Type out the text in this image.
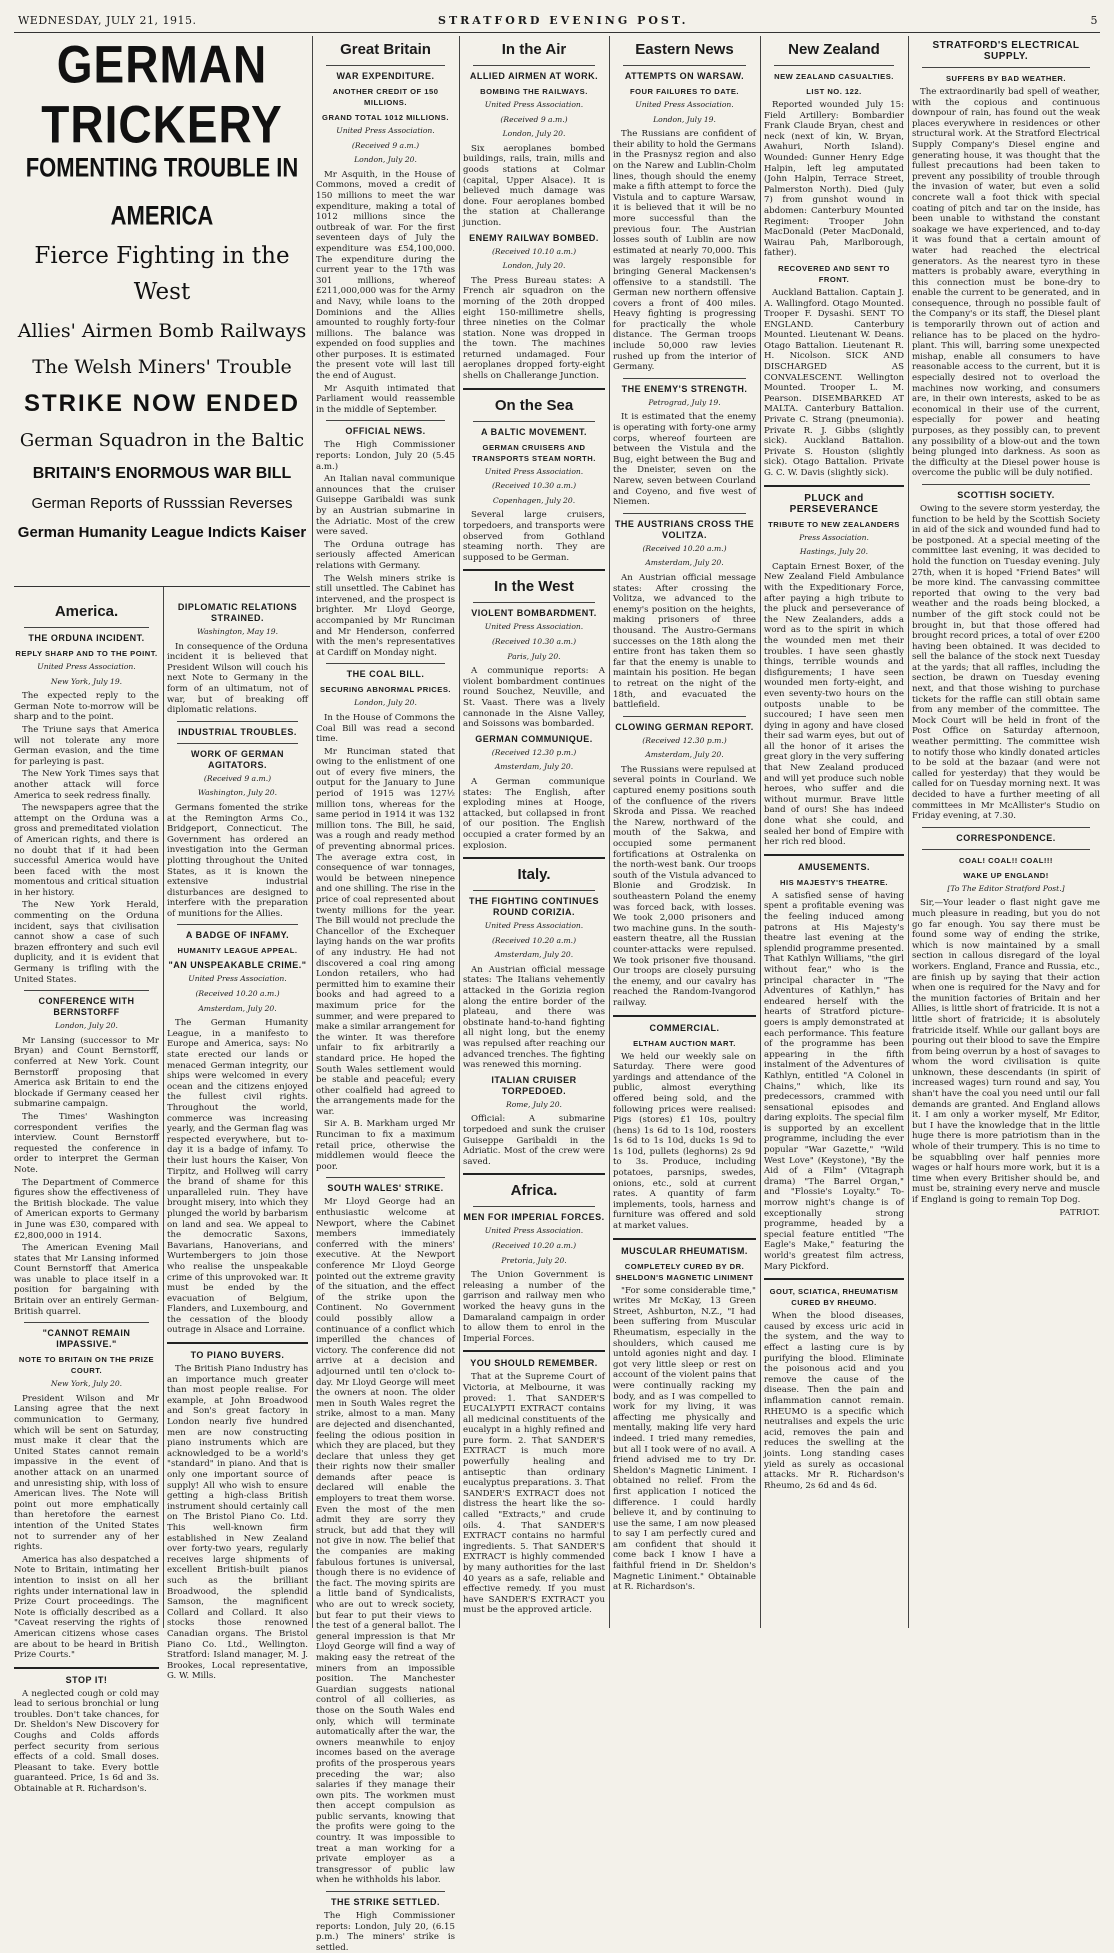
WEDNESDAY, JULY 21, 1915.	STRATFORD EVENING POST.	5
GERMAN TRICKERY
FOMENTING TROUBLE IN AMERICA
Fierce Fighting in the West
Allies' Airmen Bomb Railways
The Welsh Miners' Trouble
STRIKE NOW ENDED
German Squadron in the Baltic
BRITAIN'S ENORMOUS WAR BILL
German Reports of Russsian Reverses
German Humanity League Indicts Kaiser
America.
THE ORDUNA INCIDENT.
REPLY SHARP AND TO THE POINT.
United Press Association.
New York, July 19.

The expected reply to the German Note to-morrow will be sharp and to the point.

The Triune says that America will not tolerate any more German evasion, and the time for parleying is past.

The New York Times says that another attack will force America to seek redress finally.

The newspapers agree that the attempt on the Orduna was a gross and premeditated violation of American rights, and there is no doubt that if it had been successful America would have been faced with the most momentous and critical situation in her history.

The New York Herald, commenting on the Orduna incident, says that civilisation cannot show a case of such brazen effrontery and such evil duplicity, and it is evident that Germany is trifling with the United States.

CONFERENCE WITH BERNSTORFF
London, July 20.

Mr Lansing (successor to Mr Bryan) and Count Bernstorff, conferred at New York. Count Bernstorff proposing that America ask Britain to end the blockade if Germany ceased her submarine campaign.

The Times' Washington correspondent verifies the interview. Count Bernstorff requested the conference in order to interpret the German Note.

The Department of Commerce figures show the effectiveness of the British blockade. The value of American exports to Germany in June was £30, compared with £2,800,000 in 1914.

The American Evening Mail states that Mr Lansing informed Count Bernstorff that America was unable to place itself in a position for bargaining with Britain over an entirely German-British quarrel.

"CANNOT REMAIN IMPASSIVE."
NOTE TO BRITAIN ON THE PRIZE COURT.
New York, July 20.

President Wilson and Mr Lansing agree that the next communication to Germany, which will be sent on Saturday, must make it clear that the United States cannot remain impassive in the event of another attack on an unarmed and unresisting ship, with loss of American lives. The Note will point out more emphatically than heretofore the earnest intention of the United States not to surrender any of her rights.

America has also despatched a Note to Britain, intimating her intention to insist on all her rights under international law in Prize Court proceedings. The Note is officially described as a "Caveat reserving the rights of American citizens whose cases are about to be heard in British Prize Courts."

STOP IT!

A neglected cough or cold may lead to serious bronchial or lung troubles. Don't take chances, for Dr. Sheldon's New Discovery for Coughs and Colds affords perfect security from serious effects of a cold. Small doses. Pleasant to take. Every bottle guaranteed. Price, 1s 6d and 3s. Obtainable at R. Richardson's.

DIPLOMATIC RELATIONS STRAINED.
Washington, May 19.

In consequence of the Orduna incident it is believed that President Wilson will couch his next Note to Germany in the form of an ultimatum, not of war, but of breaking off diplomatic relations.

INDUSTRIAL TROUBLES.
WORK OF GERMAN AGITATORS.
(Received 9 a.m.)
Washington, July 20.

Germans fomented the strike at the Remington Arms Co., Bridgeport, Connecticut. The Government has ordered an investigation into the German plotting throughout the United States, as it is known the extensive industrial disturbances are designed to interfere with the preparation of munitions for the Allies.

A BADGE OF INFAMY.
HUMANITY LEAGUE APPEAL.
"AN UNSPEAKABLE CRIME."
United Press Association.
(Received 10.20 a.m.)
Amsterdam, July 20.

The German Humanity League, in a manifesto to Europe and America, says: No state erected our lands or menaced German integrity, our ships were welcomed in every ocean and the citizens enjoyed the fullest civil rights. Throughout the world, commerce was increasing yearly, and the German flag was respected everywhere, but to-day it is a badge of infamy. To their lust hours the Kaiser, Von Tirpitz, and Hollweg will carry the brand of shame for this unparalleled ruin. They have brought misery, into which they plunged the world by barbarism on land and sea. We appeal to the democratic Saxons, Bavarians, Hanoverians, and Wurtembergers to join those who realise the unspeakable crime of this unprovoked war. It must be ended by the evacuation of Belgium, Flanders, and Luxembourg, and the cessation of the bloody outrage in Alsace and Lorraine.

TO PIANO BUYERS.

The British Piano Industry has an importance much greater than most people realise. For example, at John Broadwood and Son's great factory in London nearly five hundred men are now constructing piano instruments which are acknowledged to be a world's "standard" in piano. And that is only one important source of supply! All who wish to ensure getting a high-class British instrument should certainly call on The Bristol Piano Co. Ltd. This well-known firm established in New Zealand over forty-two years, regularly receives large shipments of excellent British-built pianos such as the brilliant Broadwood, the splendid Samson, the magnificent Collard and Collard. It also stocks those renowned Canadian organs. The Bristol Piano Co. Ltd., Wellington. Stratford: Island manager, M. J. Brookes, Local representative, G. W. Mills.

Great Britain
WAR EXPENDITURE.
ANOTHER CREDIT OF 150 MILLIONS.
GRAND TOTAL 1012 MILLIONS.
United Press Association.
(Received 9 a.m.)
London, July 20.

Mr Asquith, in the House of Commons, moved a credit of 150 millions to meet the war expenditure, making a total of 1012 millions since the outbreak of war. For the first seventeen days of July the expenditure was £54,100,000. The expenditure during the current year to the 17th was 301 millions, whereof £211,000,000 was for the Army and Navy, while loans to the Dominions and the Allies amounted to roughly forty-four millions. The balance was expended on food supplies and other purposes. It is estimated the present vote will last till the end of August.

Mr Asquith intimated that Parliament would reassemble in the middle of September.

OFFICIAL NEWS.

The High Commissioner reports: London, July 20 (5.45 a.m.)

An Italian naval communique announces that the cruiser Guiseppe Garibaldi was sunk by an Austrian submarine in the Adriatic. Most of the crew were saved.

The Orduna outrage has seriously affected American relations with Germany.

The Welsh miners strike is still unsettled. The Cabinet has intervened, and the prospect is brighter. Mr Lloyd George, accompanied by Mr Runciman and Mr Henderson, conferred with the men's representatives at Cardiff on Monday night.

THE COAL BILL.
SECURING ABNORMAL PRICES.
London, July 20.

In the House of Commons the Coal Bill was read a second time.

Mr Runciman stated that owing to the enlistment of one out of every five miners, the output for the January to June period of 1915 was 127½ million tons, whereas for the same period in 1914 it was 132 million tons. The Bill, he said, was a rough and ready method of preventing abnormal prices. The average extra cost, in consequence of war tonnages, would be between ninepence and one shilling. The rise in the price of coal represented about twenty millions for the year. The Bill would not preclude the Chancellor of the Exchequer laying hands on the war profits of any industry. He had not discovered a coal ring among London retailers, who had permitted him to examine their books and had agreed to a maximum price for the summer, and were prepared to make a similar arrangement for the winter. It was therefore unfair to fix arbitrarily a standard price. He hoped the South Wales settlement would be stable and peaceful; every other coalfield had agreed to the arrangements made for the war.

Sir A. B. Markham urged Mr Runciman to fix a maximum retail price, otherwise the middlemen would fleece the poor.

SOUTH WALES' STRIKE.

Mr Lloyd George had an enthusiastic welcome at Newport, where the Cabinet members immediately conferred with the miners' executive. At the Newport conference Mr Lloyd George pointed out the extreme gravity of the situation, and the effect of the strike upon the Continent. No Government could possibly allow a continuance of a conflict which imperilled the chances of victory. The conference did not arrive at a decision and adjourned until ten o'clock to-day. Mr Lloyd George will meet the owners at noon. The older men in South Wales regret the strike, almost to a man. Many are dejected and disenchanted, feeling the odious position in which they are placed, but they declare that unless they get their rights now their smaller demands after peace is declared will enable the employers to treat them worse. Even the most of the men admit they are sorry they struck, but add that they will not give in now. The belief that the companies are making fabulous fortunes is universal, though there is no evidence of the fact. The moving spirits are a little band of Syndicalists, who are out to wreck society, but fear to put their views to the test of a general ballot. The general impression is that Mr Lloyd George will find a way of making easy the retreat of the miners from an impossible position. The Manchester Guardian suggests national control of all collieries, as those on the South Wales end only, which will terminate automatically after the war, the owners meanwhile to enjoy incomes based on the average profits of the prosperous years preceding the war; also salaries if they manage their own pits. The workmen must then accept compulsion as public servants, knowing that the profits were going to the country. It was impossible to treat a man working for a private employer as a transgressor of public law when he withholds his labor.

THE STRIKE SETTLED.

The High Commissioner reports: London, July 20, (6.15 p.m.) The miners' strike is settled.

In the Air
ALLIED AIRMEN AT WORK.
BOMBING THE RAILWAYS.
United Press Association.
(Received 9 a.m.)
London, July 20.

Six aeroplanes bombed buildings, rails, train, mills and goods stations at Colmar (capital, Upper Alsace). It is believed much damage was done. Four aeroplanes bombed the station at Challerange junction.

ENEMY RAILWAY BOMBED.
(Received 10.10 a.m.)
London, July 20.

The Press Bureau states: A French air squadron on the morning of the 20th dropped eight 150-millimetre shells, three nineties on the Colmar station. None was dropped in the town. The machines returned undamaged. Four aeroplanes dropped forty-eight shells on Challerange Junction.

On the Sea
A BALTIC MOVEMENT.
GERMAN CRUISERS AND TRANSPORTS STEAM NORTH.
United Press Association.
(Received 10.30 a.m.)
Copenhagen, July 20.

Several large cruisers, torpedoers, and transports were observed from Gothland steaming north. They are supposed to be German.

In the West
VIOLENT BOMBARDMENT.
United Press Association.
(Received 10.30 a.m.)
Paris, July 20.

A communique reports: A violent bombardment continues round Souchez, Neuville, and St. Vaast. There was a lively cannonade in the Aisne Valley, and Soissons was bombarded.

GERMAN COMMUNIQUE.
(Received 12.30 p.m.)
Amsterdam, July 20.

A German communique states: The English, after exploding mines at Hooge, attacked, but collapsed in front of our position. The English occupied a crater formed by an explosion.

Italy.
THE FIGHTING CONTINUES ROUND CORIZIA.
United Press Association.
(Received 10.20 a.m.)
Amsterdam, July 20.

An Austrian official message states: The Italians vehemently attacked in the Gorizia region along the entire border of the plateau, and there was obstinate hand-to-hand fighting all night long, but the enemy was repulsed after reaching our advanced trenches. The fighting was renewed this morning.

ITALIAN CRUISER TORPEDOED.
Rome, July 20.

Official: A submarine torpedoed and sunk the cruiser Guiseppe Garibaldi in the Adriatic. Most of the crew were saved.

Africa.
MEN FOR IMPERIAL FORCES.
United Press Association.
(Received 10.20 a.m.)
Pretoria, July 20.

The Union Government is releasing a number of the garrison and railway men who worked the heavy guns in the Damaraland campaign in order to allow them to enrol in the Imperial Forces.

YOU SHOULD REMEMBER.

That at the Supreme Court of Victoria, at Melbourne, it was proved: 1. That SANDER'S EUCALYPTI EXTRACT contains all medicinal constituents of the eucalypt in a highly refined and pure form. 2. That SANDER'S EXTRACT is much more powerfully healing and antiseptic than ordinary eucalyptus preparations. 3. That SANDER'S EXTRACT does not distress the heart like the so-called "Extracts," and crude oils. 4. That SANDER'S EXTRACT contains no harmful ingredients. 5. That SANDER'S EXTRACT is highly commended by many authorities for the last 40 years as a safe, reliable and effective remedy. If you must have SANDER'S EXTRACT you must be the approved article.

Eastern News
ATTEMPTS ON WARSAW.
FOUR FAILURES TO DATE.
United Press Association.
London, July 19.

The Russians are confident of their ability to hold the Germans in the Prasnysz region and also on the Narew and Lublin-Cholm lines, though should the enemy make a fifth attempt to force the Vistula and to capture Warsaw, it is believed that it will be no more successful than the previous four. The Austrian losses south of Lublin are now estimated at nearly 70,000. This was largely responsible for bringing General Mackensen's offensive to a standstill. The German new northern offensive covers a front of 400 miles. Heavy fighting is progressing for practically the whole distance. The German troops include 50,000 raw levies rushed up from the interior of Germany.

THE ENEMY'S STRENGTH.
Petrograd, July 19.

It is estimated that the enemy is operating with forty-one army corps, whereof fourteen are between the Vistula and the Bug, eight between the Bug and the Dneister, seven on the Narew, seven between Courland and Coyeno, and five west of Niemen.

THE AUSTRIANS CROSS THE VOLITZA.
(Received 10.20 a.m.)
Amsterdam, July 20.

An Austrian official message states: After crossing the Volitza, we advanced to the enemy's position on the heights, making prisoners of three thousand. The Austro-Germans successes on the 18th along the entire front has taken them so far that the enemy is unable to maintain his position. He began to retreat on the night of the 18th, and evacuated the battlefield.

CLOWING GERMAN REPORT.
(Received 12.30 p.m.)
Amsterdam, July 20.

The Russians were repulsed at several points in Courland. We captured enemy positions south of the confluence of the rivers Skroda and Pissa. We reached the Narew, northward of the mouth of the Sakwa, and occupied some permanent fortifications at Ostralenka on the north-west bank. Our troops south of the Vistula advanced to Blonie and Grodzisk. In southeastern Poland the enemy was forced back, with losses. We took 2,000 prisoners and two machine guns. In the south-eastern theatre, all the Russian counter-attacks were repulsed. We took prisoner five thousand. Our troops are closely pursuing the enemy, and our cavalry has reached the Random-Ivangorod railway.

COMMERCIAL.
ELTHAM AUCTION MART.

We held our weekly sale on Saturday. There were good yardings and attendance of the public, almost everything offered being sold, and the following prices were realised: Pigs (stores) £1 10s, poultry (hens) 1s 6d to 1s 10d, roosters 1s 6d to 1s 10d, ducks 1s 9d to 1s 10d, pullets (leghorns) 2s 9d to 3s. Produce, including potatoes, parsnips, swedes, onions, etc., sold at current rates. A quantity of farm implements, tools, harness and furniture was offered and sold at market values.

MUSCULAR RHEUMATISM.
COMPLETELY CURED BY DR. SHELDON'S MAGNETIC LINIMENT

"For some considerable time," writes Mr McKay, 13 Green Street, Ashburton, N.Z., "I had been suffering from Muscular Rheumatism, especially in the shoulders, which caused me untold agonies night and day. I got very little sleep or rest on account of the violent pains that were continually racking my body, and as I was compelled to work for my living, it was affecting me physically and mentally, making life very hard indeed. I tried many remedies, but all I took were of no avail. A friend advised me to try Dr. Sheldon's Magnetic Liniment. I obtained no relief. From the first application I noticed the difference. I could hardly believe it, and by continuing to use the same, I am now pleased to say I am perfectly cured and am confident that should it come back I know I have a faithful friend in Dr. Sheldon's Magnetic Liniment." Obtainable at R. Richardson's.

New Zealand
NEW ZEALAND CASUALTIES.
LIST NO. 122.

Reported wounded July 15: Field Artillery: Bombardier Frank Claude Bryan, chest and neck (next of kin, W. Bryan, Awahuri, North Island). Wounded: Gunner Henry Edge Halpin, left leg amputated (John Halpin, Terrace Street, Palmerston North). Died (July 7) from gunshot wound in abdomen: Canterbury Mounted Regiment: Trooper John MacDonald (Peter MacDonald, Wairau Pah, Marlborough, father).

RECOVERED AND SENT TO FRONT.

Auckland Battalion. Captain J. A. Wallingford. Otago Mounted. Trooper F. Dysashi. SENT TO ENGLAND. Canterbury Mounted. Lieutenant W. Deans. Otago Battalion. Lieutenant R. H. Nicolson. SICK AND DISCHARGED AS CONVALESCENT. Wellington Mounted. Trooper L. M. Pearson. DISEMBARKED AT MALTA. Canterbury Battalion. Private C. Strang (pneumonia). Private R. J. Gibbs (slightly sick). Auckland Battalion. Private S. Houston (slightly sick). Otago Battalion. Private G. C. W. Davis (slightly sick).

PLUCK and PERSEVERANCE
TRIBUTE TO NEW ZEALANDERS
Press Association.
Hastings, July 20.

Captain Ernest Boxer, of the New Zealand Field Ambulance with the Expeditionary Force, after paying a high tribute to the pluck and perseverance of the New Zealanders, adds a word as to the spirit in which the wounded men met their troubles. I have seen ghastly things, terrible wounds and disfigurements; I have seen wounded men forty-eight, and even seventy-two hours on the outposts unable to be succoured; I have seen men dying in agony and have closed their sad warm eyes, but out of all the honor of it arises the great glory in the very suffering that New Zealand produced and will yet produce such noble heroes, who suffer and die without murmur. Brave little band of ours! She has indeed done what she could, and sealed her bond of Empire with her rich red blood.

AMUSEMENTS.
HIS MAJESTY'S THEATRE.

A satisfied sense of having spent a profitable evening was the feeling induced among patrons at His Majesty's theatre last evening at the splendid programme presented. That Kathlyn Williams, "the girl without fear," who is the principal character in "The Adventures of Kathlyn," has endeared herself with the hearts of Stratford picture-goers is amply demonstrated at each performance. This feature of the programme has been appearing in the fifth instalment of the Adventures of Kathlyn, entitled "A Colonel in Chains," which, like its predecessors, crammed with sensational episodes and daring exploits. The special film is supported by an excellent programme, including the ever popular "War Gazette," "Wild West Love" (Keystone), "By the Aid of a Film" (Vitagraph drama) "The Barrel Organ," and "Flossie's Loyalty." To-morrow night's change is of exceptionally strong programme, headed by a special feature entitled "The Eagle's Make," featuring the world's greatest film actress, Mary Pickford.

GOUT, SCIATICA, RHEUMATISM CURED BY RHEUMO.

When the blood diseases, caused by excess uric acid in the system, and the way to effect a lasting cure is by purifying the blood. Eliminate the poisonous acid and you remove the cause of the disease. Then the pain and inflammation cannot remain. RHEUMO is a specific which neutralises and expels the uric acid, removes the pain and reduces the swelling at the joints. Long standing cases yield as surely as occasional attacks. Mr R. Richardson's Rheumo, 2s 6d and 4s 6d.

STRATFORD'S ELECTRICAL SUPPLY.
SUFFERS BY BAD WEATHER.

The extraordinarily bad spell of weather, with the copious and continuous downpour of rain, has found out the weak places everywhere in residences or other structural work. At the Stratford Electrical Supply Company's Diesel engine and generating house, it was thought that the fullest precautions had been taken to prevent any possibility of trouble through the invasion of water, but even a solid concrete wall a foot thick with special coating of pitch and tar on the inside, has been unable to withstand the constant soakage we have experienced, and to-day it was found that a certain amount of water had reached the electrical generators. As the nearest tyro in these matters is probably aware, everything in this connection must be bone-dry to enable the current to be generated, and in consequence, through no possible fault of the Company's or its staff, the Diesel plant is temporarily thrown out of action and reliance has to be placed on the hydro-plant. This will, barring some unexpected mishap, enable all consumers to have reasonable access to the current, but it is especially desired not to overload the machines now working, and consumers are, in their own interests, asked to be as economical in their use of the current, especially for power and heating purposes, as they possibly can, to prevent any possibility of a blow-out and the town being plunged into darkness. As soon as the difficulty at the Diesel power house is overcome the public will be duly notified.

SCOTTISH SOCIETY.

Owing to the severe storm yesterday, the function to be held by the Scottish Society in aid of the sick and wounded fund had to be postponed. At a special meeting of the committee last evening, it was decided to hold the function on Tuesday evening. July 27th, when it is hoped "Friend Bates" will be more kind. The canvassing committee reported that owing to the very bad weather and the roads being blocked, a number of the gift stock could not be brought in, but that those offered had brought record prices, a total of over £200 having been obtained. It was decided to sell the balance of the stock next Tuesday at the yards; that all raffles, including the section, be drawn on Tuesday evening next, and that those wishing to purchase tickets for the raffle can still obtain same from any member of the committee. The Mock Court will be held in front of the Post Office on Saturday afternoon, weather permitting. The committee wish to notify those who kindly donated articles to be sold at the bazaar (and were not called for yesterday) that they would be called for on Tuesday morning next. It was decided to have a further meeting of all committees in Mr McAllister's Studio on Friday evening, at 7.30.

CORRESPONDENCE.
COAL! COAL!! COAL!!!
WAKE UP ENGLAND!
[To The Editor Stratford Post.]

Sir,—Your leader o flast night gave me much pleasure in reading, but you do not go far enough. You say there must be found some way of ending the strike, which is now maintained by a small section in callous disregard of the loyal workers. England, France and Russia, etc., are finish up by saying that their action when one is required for the Navy and for the munition factories of Britain and her Allies, is little short of fratricide. It is not a little short of fratricide; it is absolutely fratricide itself. While our gallant boys are pouring out their blood to save the Empire from being overrun by a host of savages to whom the word civilisation is quite unknown, these descendants (in spirit of increased wages) turn round and say, You shan't have the coal you need until our fall demands are granted. And England allows it. I am only a worker myself, Mr Editor, but I have the knowledge that in the little huge there is more patriotism than in the whole of their trumpery. This is no time to be squabbling over half pennies more wages or half hours more work, but it is a time when every Britisher should be, and must be, straining every nerve and muscle if England is going to remain Top Dog.

PATRIOT.
